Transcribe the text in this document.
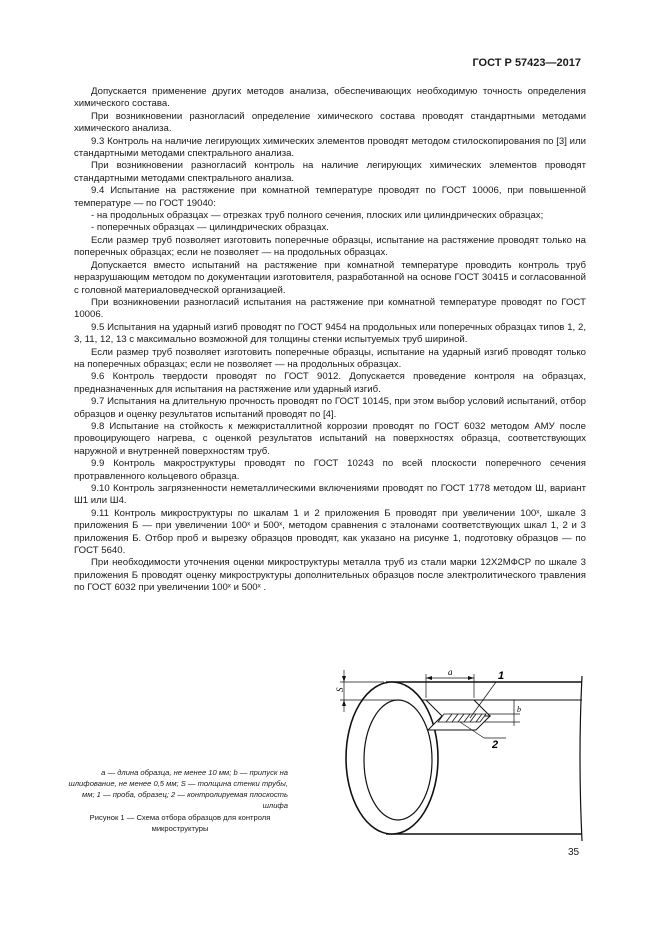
ГОСТ Р 57423—2017

Допускается применение других методов анализа, обеспечивающих необходимую точность определения химического состава.

При возникновении разногласий определение химического состава проводят стандартными методами химического анализа.

9.3 Контроль на наличие легирующих химических элементов проводят методом стилоскопирования по [3] или стандартными методами спектрального анализа.

При возникновении разногласий контроль на наличие легирующих химических элементов проводят стандартными методами спектрального анализа.

9.4 Испытание на растяжение при комнатной температуре проводят по ГОСТ 10006, при повышенной температуре — по ГОСТ 19040:

- на продольных образцах — отрезках труб полного сечения, плоских или цилиндрических образцах;

- поперечных образцах — цилиндрических образцах.

Если размер труб позволяет изготовить поперечные образцы, испытание на растяжение проводят только на поперечных образцах; если не позволяет — на продольных образцах.

Допускается вместо испытаний на растяжение при комнатной температуре проводить контроль труб неразрушающим методом по документации изготовителя, разработанной на основе ГОСТ 30415 и согласованной с головной материаловедческой организацией.

При возникновении разногласий испытания на растяжение при комнатной температуре проводят по ГОСТ 10006.

9.5 Испытания на ударный изгиб проводят по ГОСТ 9454 на продольных или поперечных образцах типов 1, 2, 3, 11, 12, 13 с максимально возможной для толщины стенки испытуемых труб шириной.

Если размер труб позволяет изготовить поперечные образцы, испытание на ударный изгиб проводят только на поперечных образцах; если не позволяет — на продольных образцах.

9.6 Контроль твердости проводят по ГОСТ 9012. Допускается проведение контроля на образцах, предназначенных для испытания на растяжение или ударный изгиб.

9.7 Испытания на длительную прочность проводят по ГОСТ 10145, при этом выбор условий испытаний, отбор образцов и оценку результатов испытаний проводят по [4].

9.8 Испытание на стойкость к межкристаллитной коррозии проводят по ГОСТ 6032 методом АМУ после провоцирующего нагрева, с оценкой результатов испытаний на поверхностях образца, соответствующих наружной и внутренней поверхностям труб.

9.9 Контроль макроструктуры проводят по ГОСТ 10243 по всей плоскости поперечного сечения протравленного кольцевого образца.

9.10 Контроль загрязненности неметаллическими включениями проводят по ГОСТ 1778 методом Ш, вариант Ш1 или Ш4.

9.11 Контроль микроструктуры по шкалам 1 и 2 приложения Б проводят при увеличении 100ˣ, шкале 3 приложения Б — при увеличении 100ˣ и 500ˣ, методом сравнения с эталонами соответствующих шкал 1, 2 и 3 приложения Б. Отбор проб и вырезку образцов проводят, как указано на рисунке 1, подготовку образцов — по ГОСТ 5640.

При необходимости уточнения оценки микроструктуры металла труб из стали марки 12Х2МФСР по шкале 3 приложения Б проводят оценку микроструктуры дополнительных образцов после электролитического травления по ГОСТ 6032 при увеличении 100ˣ и 500ˣ .

a — длина образца, не менее 10 мм; b — припуск на шлифование, не менее 0,5 мм; S — толщина стенки трубы, мм; 1 — проба, образец; 2 — контролируемая плоскость шлифа
Рисунок 1 — Схема отбора образцов для контроля микроструктуры
a
S
b
1
2
35
